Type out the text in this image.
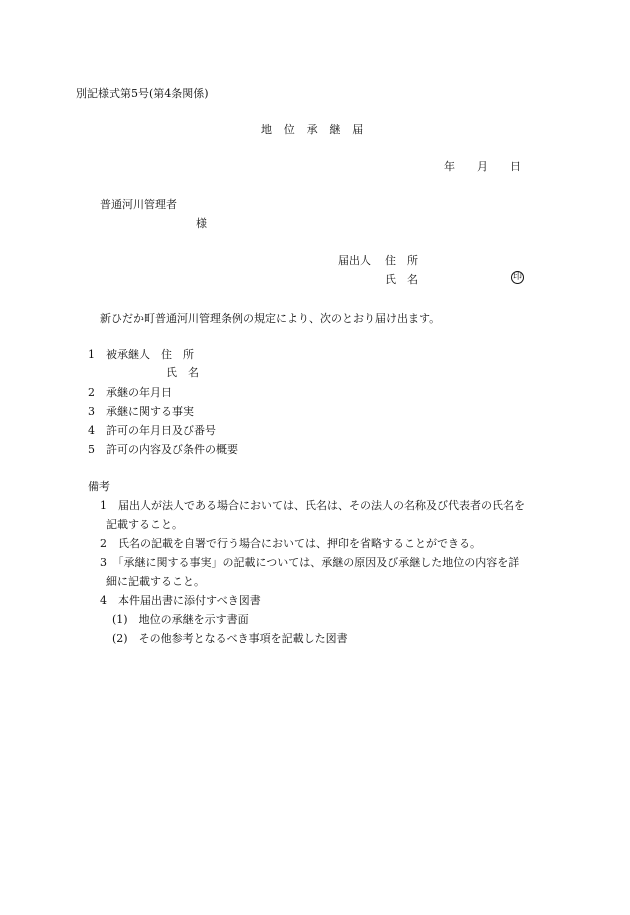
別記様式第5号(第4条関係)
地　位　承　継　届
年　　月　　日
普通河川管理者
様
届出人 住　所
氏　名	印
新ひだか町普通河川管理条例の規定により、次のとおり届け出ます。
1 被承継人　住　所
氏　名
2 承継の年月日
3 承継に関する事実
4 許可の年月日及び番号
5 許可の内容及び条件の概要
備考
1　届出人が法人である場合においては、氏名は、その法人の名称及び代表者の氏名を
記載すること。
2　氏名の記載を自署で行う場合においては、押印を省略することができる。
3　「承継に関する事実」の記載については、承継の原因及び承継した地位の内容を詳
細に記載すること。
4　本件届出書に添付すべき図書
(1)　地位の承継を示す書面
(2)　その他参考となるべき事項を記載した図書
